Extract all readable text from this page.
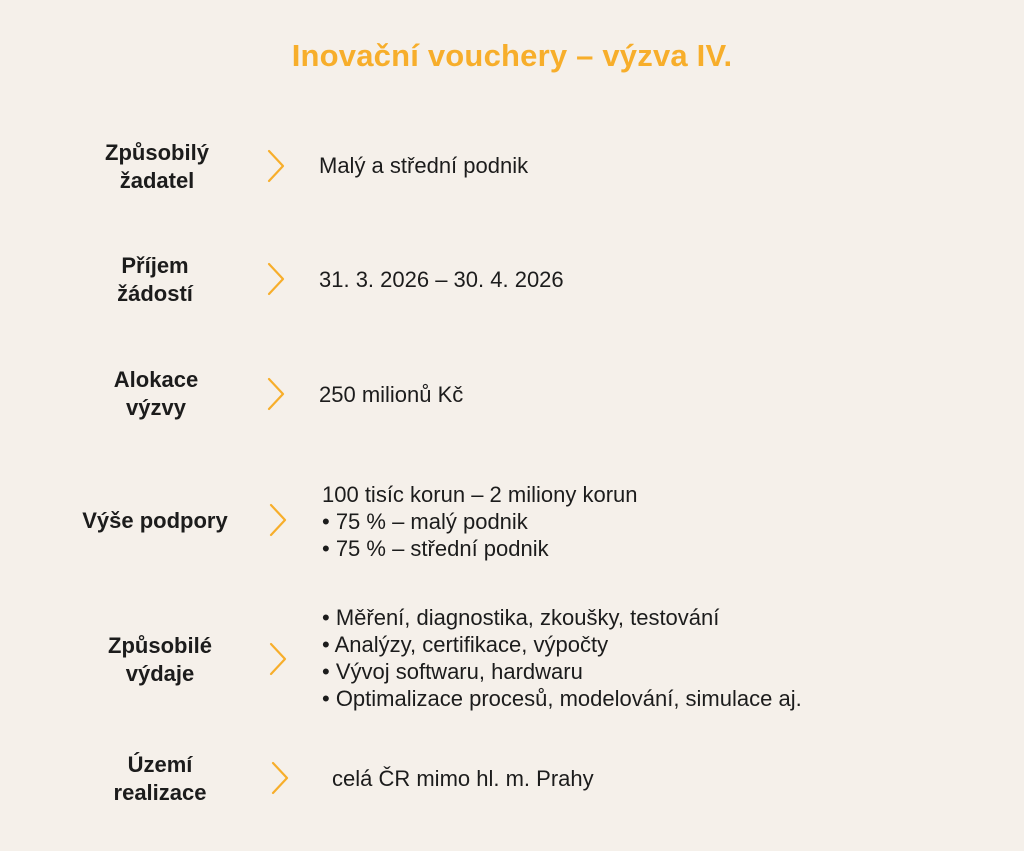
Inovační vouchery – výzva IV.
Způsobilý
žadatel
Malý a střední podnik
Příjem
žádostí
31. 3. 2026 – 30. 4. 2026
Alokace
výzvy
250 milionů Kč
Výše podpory
100 tisíc korun – 2 miliony korun
• 75 % – malý podnik
• 75 % – střední podnik
Způsobilé
výdaje
• Měření, diagnostika, zkoušky, testování
• Analýzy, certifikace, výpočty
• Vývoj softwaru, hardwaru
• Optimalizace procesů, modelování, simulace aj.
Území
realizace
celá ČR mimo hl. m. Prahy
